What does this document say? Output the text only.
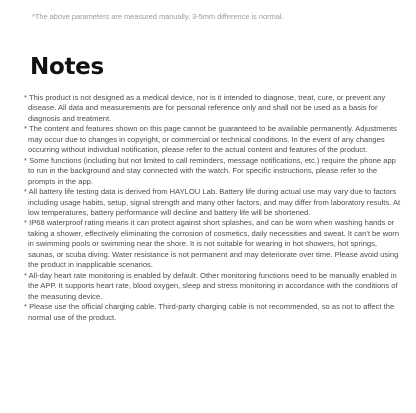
*The above parameters are measured manually, 3-5mm difference is normal.
Notes
* This product is not designed as a medical device, nor is it intended to diagnose, treat, cure, or prevent any disease. All data and measurements are for personal reference only and shall not be used as a basis for diagnosis and treatment.
* The content and features shown on this page cannot be guaranteed to be available permanently. Adjustments may occur due to changes in copyright, or commercial or technical conditions. In the event of any changes occurring without individual notification, please refer to the actual content and features of the product.
* Some functions (including but not limited to call reminders, message notifications, etc.) require the phone app to run in the background and stay connected with the watch. For specific instructions, please refer to the prompts in the app.
* All battery life testing data is derived from HAYLOU Lab. Battery life during actual use may vary due to factors including usage habits, setup, signal strength and many other factors, and may differ from laboratory results. At low temperatures, battery performance will decline and battery life will be shortened.
* IP68 waterproof rating means it can protect against short splashes, and can be worn when washing hands or taking a shower, effectively eliminating the corrosion of cosmetics, daily necessities and sweat. It can't be worn in swimming pools or swimming near the shore. It is not suitable for wearing in hot showers, hot springs, saunas, or scuba diving. Water resistance is not permanent and may deteriorate over time. Please avoid using the product in inapplicable scenarios.
* All-day heart rate monitoring is enabled by default. Other monitoring functions need to be manually enabled in the APP. It supports heart rate, blood oxygen, sleep and stress monitoring in accordance with the conditions of the measuring device.
* Please use the official charging cable. Third-party charging cable is not recommended, so as not to affect the normal use of the product.
